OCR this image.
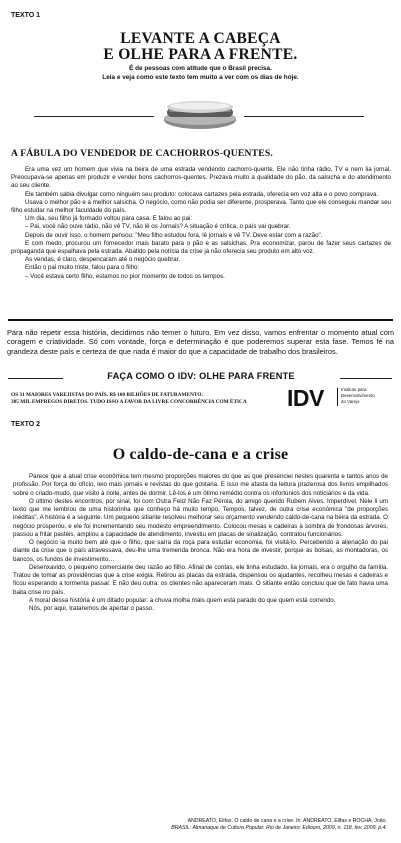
TEXTO 1
LEVANTE A CABEÇA
E OLHE PARA A FRENTE.
É de pessoas com atitude que o Brasil precisa.
Leia e veja como este texto tem muito a ver com os dias de hoje.
A FÁBULA DO VENDEDOR DE CACHORROS-QUENTES.

Era uma vez um homem que vivia na beira de uma estrada vendendo cachorro-quente. Ele não tinha rádio, TV e nem lia jornal. Preocupava-se apenas em produzir e vender bons cachorros-quentes. Prezava muito a qualidade do pão, da salsicha e do atendimento ao seu cliente.

Ele também sabia divulgar como ninguém seu produto: colocava cartazes pela estrada, oferecia em voz alta e o povo comprava.

Usava o melhor pão e a melhor salsicha. O negócio, como não podia ser diferente, prosperava. Tanto que ele conseguiu mandar seu filho estudar na melhor faculdade do país.

Um dia, seu filho já formado voltou para casa. E falou ao pai:

– Pai, você não ouve rádio, não vê TV, não lê os Jornais? A situação é crítica, o país vai quebrar.

Depois de ouvir isso, o homem pensou: "Meu filho estudou fora, lê jornais e vê TV. Deve estar com a razão".

E com medo, procurou um fornecedor mais barato para o pão e as salsichas. Pra economizar, parou de fazer seus cartazes de propaganda que espalhava pela estrada. Abatido pela notícia da crise já não oferecia seu produto em alto voz.

As vendas, é claro, despencaram até o negócio quebrar.

Então o pai muito triste, falou para o filho:

– Você estava certo filho, estamos no pior momento de todos os tempos.

Para não repetir essa história, decidimos não temer o futuro. Em vez disso, vamos enfrentar o momento atual com coragem e criatividade. Só com vontade, força e determinação é que poderemos superar esta fase. Temos fé na grandeza deste país e certeza de que nada é maior do que a capacidade de trabalho dos brasileiros.
FAÇA COMO O IDV: OLHE PARA FRENTE
OS 31 MAIORES VAREJISTAS DO PAÍS. R$ 100 BILHÕES DE FATURAMENTO.
385 MIL EMPREGOS DIRETOS. TUDO ISSO A FAVOR DA LIVRE CONCORRÊNCIA COM ÉTICA IDV	Instituto para
Desenvolvimento
do Varejo
TEXTO 2
O caldo-de-cana e a crise

Parece que a atual crise econômica tem mesmo proporções maiores do que as que presenciei nestes quarenta e tantos anos de profissão. Por força do ofício, leio mais jornais e revistas do que gostaria. E isso me afasta da leitura prazerosa dos livros empilhados sobre o criado-mudo, que visito à noite, antes de dormir. Lê-los é um ótimo remédio contra os infortúnios dos noticiários e da vida.

O último destes encontros, por sinal, foi com Ostra Feliz Não Faz Pérola, do amigo querido Rubem Alves. Imperdível. Nele li um texto que me lembrou de uma historinha que conheço há muito tempo. Tempos, talvez, de outra crise econômica "de proporções inéditas". A história é a seguinte. Um pequeno sitiante resolveu melhorar seu orçamento vendendo caldo-de-cana na beira da estrada. O negócio prosperou, e ele foi incrementando seu modesto empreendimento. Colocou mesas e cadeiras à sombra de frondosas árvores, passou a fritar pastéis, ampliou a capacidade de atendimento, investiu em placas de sinalização, contratou funcionários.

O negócio ia muito bem até que o filho, que saíra da roça para estudar economia, foi visitá-lo. Percebendo a alienação do pai diante da crise que o país atravessava, deu-lhe uma tremenda bronca. Não era hora de investir, porque as bolsas, as montadoras, os bancos, os fundos de investimento…

Desenxavido, o pequeno comerciante deu razão ao filho. Afinal de contas, ele tinha estudado, lia jornais, era o orgulho da família. Tratou de tomar as providências que a crise exigia. Retirou as placas da estrada, dispensou os ajudantes, recolheu mesas e cadeiras e ficou esperando a tormenta passar. E não deu outra: os clientes não apareceram mais. O sitiante então concluiu que de fato havia uma baita crise no país.

A moral dessa história é um ditado popular: a chuva molha mais quem está parado do que quem está correndo.

Nós, por aqui, trataremos de apertar o passo.

ANDREATO, Elifas. O caldo de cana e a crise. In: ANDREATO, Elifas e ROCHA, João.
BRASIL: Almanaque de Cultura Popular. Rio de Janeiro: Ediouro, 2009, n. 118, fev. 2009, p.4.
